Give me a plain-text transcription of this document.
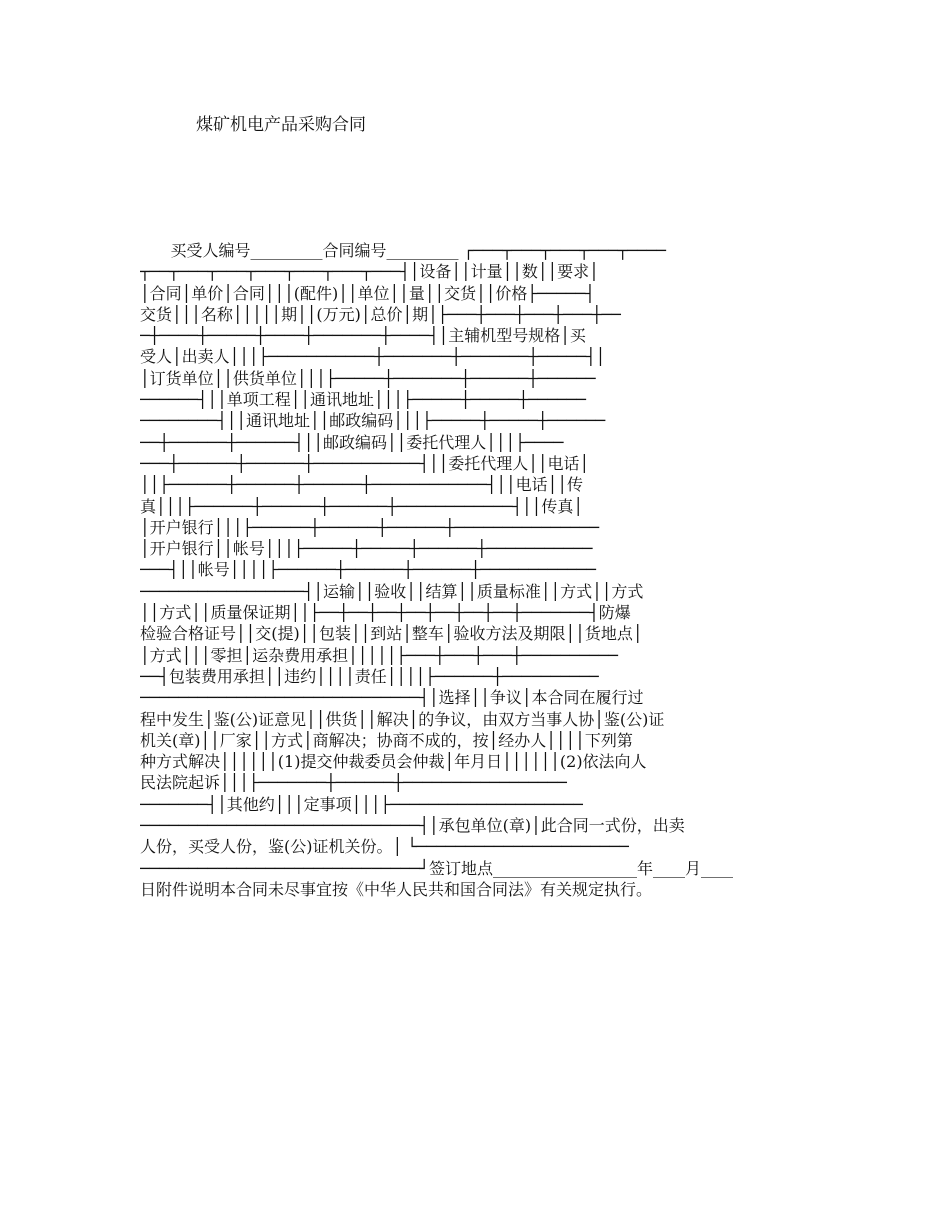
煤矿机电产品采购合同
买受人编号_________合同编号_________ ┌───┬───┬───┬───┬────
┬──┬───┬───┬───┬───┬───┬───┤│设备││计量││数││要求│
│合同│单价│合同│││(配件)││单位││量││交货││价格├─────┤
交货│││名称│││││期││(万元)│总价│期│├───┼───┼───┼───┼──
─┼────┼─────┼────┼───────┼────┤│主辅机型号规格│买
受人│出卖人│││├───────────┼───────┼───────┼─────┤│
│订货单位││供货单位│││├─────┼───────┼──────┼──────
──────┤││单项工程││通讯地址│││├─────┼─────┼──────
────────┤││通讯地址││邮政编码│││├─────┼─────┼──────
──┼──────┼──────┤││邮政编码││委托代理人│││├────
───┼──────┼──────┼───────────┤││委托代理人││电话│
││├──────┼──────┼──────┼────────────┤││电话││传
真│││├──────┼──────┼──────┼────────────┤││传真│
│开户银行│││├──────┼──────┼──────┼───────────────
│开户银行││帐号│││├─────┼─────┼──────┼───────────
───┤││帐号││││├──────┼──────┼──────┼────────────
─────────────────┤│运输││验收││结算││质量标准││方式││方式
││方式││质量保证期││├──┼──┼──┼──┼──┼──┼──┼───────┤防爆
检验合格证号││交(提)││包装││到站│整车│验收方法及期限││货地点│
│方式│││零担│运杂费用承担│││││├───┼───┼───┼──────────
──┤包装费用承担││违约││││责任││││├──────┼──────────
─────────────────────────────┤│选择││争议│本合同在履行过
程中发生│鉴(公)证意见││供货││解决│的争议，由双方当事人协│鉴(公)证
机关(章)││厂家││方式│商解决；协商不成的，按│经办人││││下列第
种方式解决││││││(1)提交仲裁委员会仲裁│年月日││││││(2)依法向人
民法院起诉│││├───────┼──────┼─────────────────
───────┤│其他约│││定事项│││├────────────────────
─────────────────────────────┤│承包单位(章)│此合同一式份，出卖
人份，买受人份，鉴(公)证机关份。│ └──────────────────────
─────────────────────────────┘签订地点__________________年____月____
日附件说明本合同未尽事宜按《中华人民共和国合同法》有关规定执行。
